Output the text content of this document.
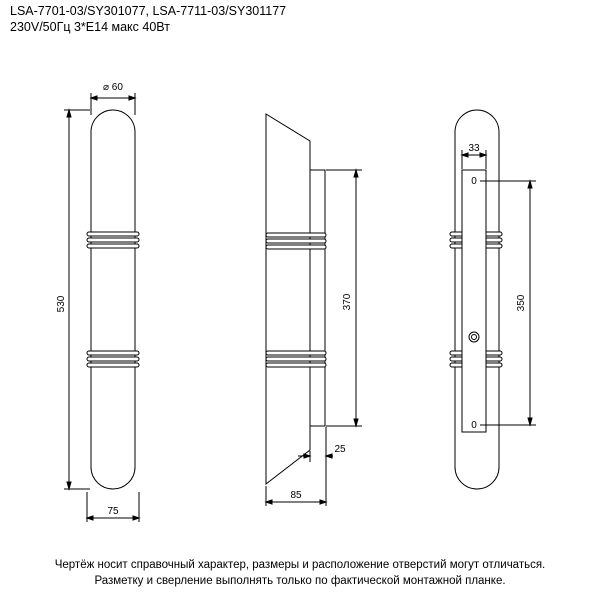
LSA-7701-03/SY301077, LSA-7711-03/SY301177
230V/50Гц 3*E14 макс 40Вт
⌀ 60
530
75
370
25
85
33
350
0
0
Чертёж носит справочный характер, размеры и расположение отверстий могут отличаться.
Разметку и сверление выполнять только по фактической монтажной планке.
